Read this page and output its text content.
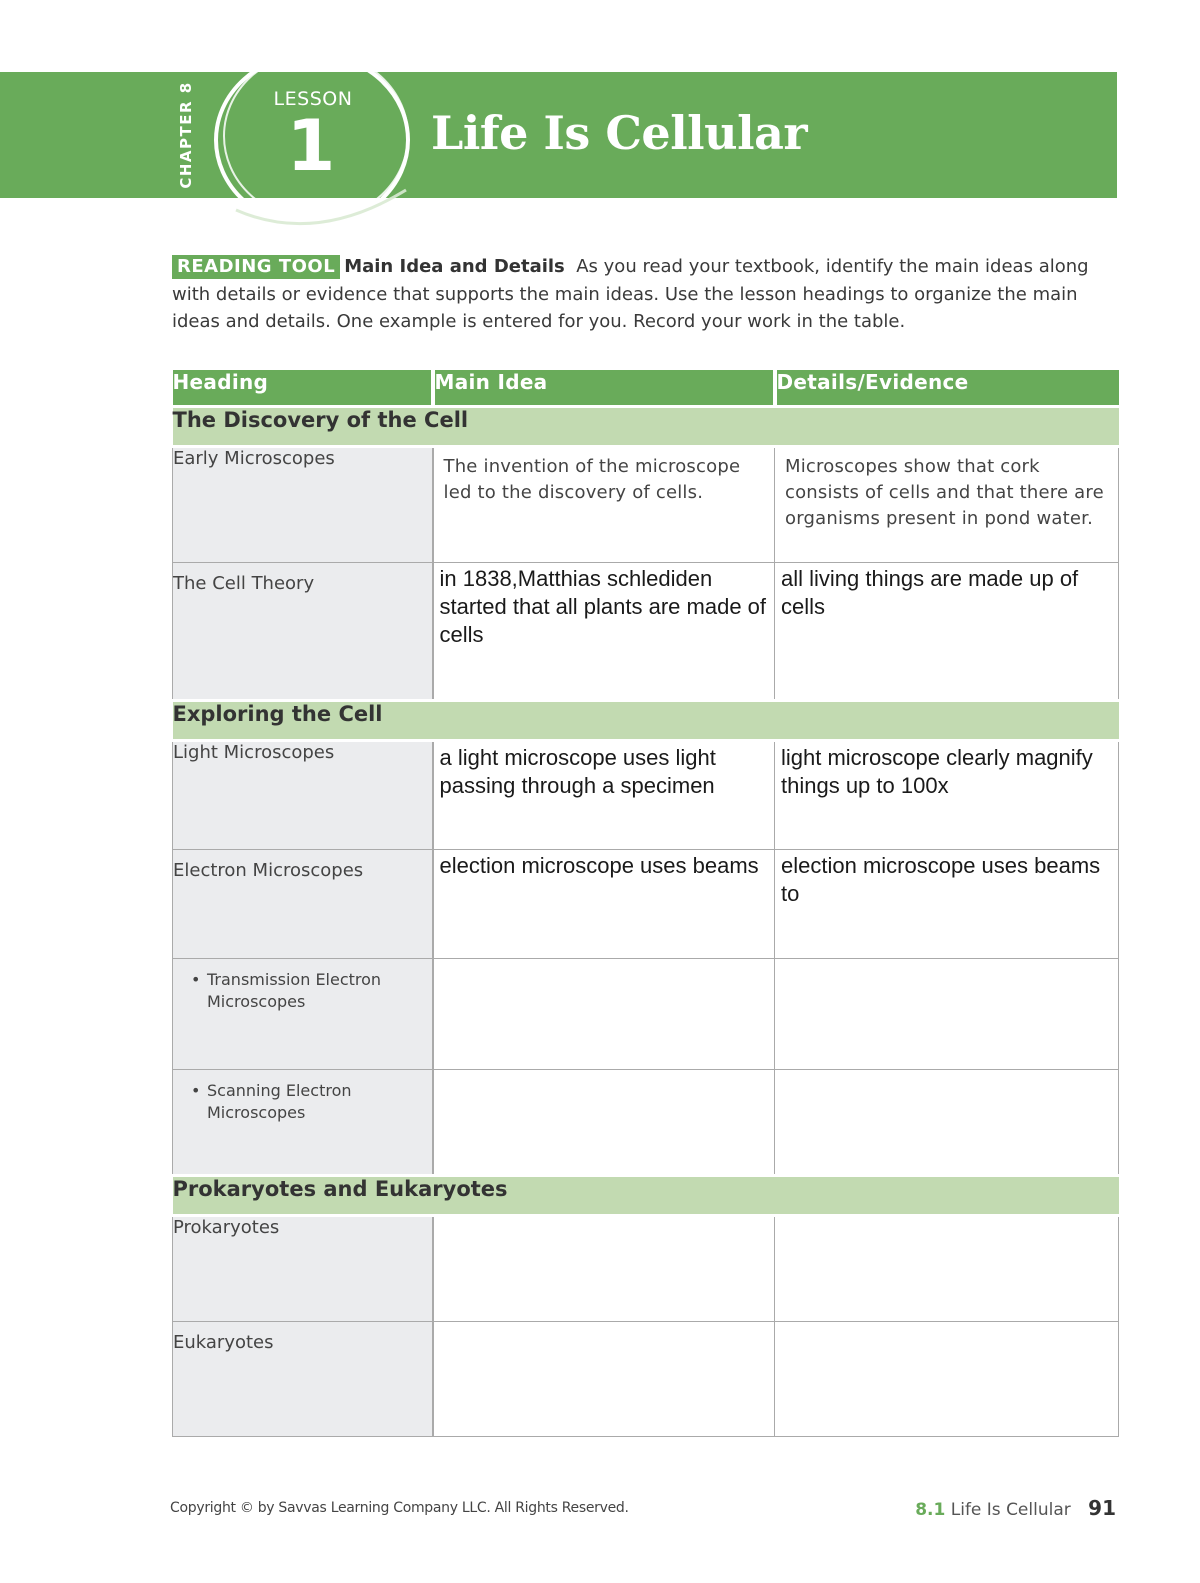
CHAPTER 8	LESSON
1	Life Is Cellular
READING TOOL Main Idea and Details As you read your textbook, identify the main ideas along with details or evidence that supports the main ideas. Use the lesson headings to organize the main ideas and details. One example is entered for you. Record your work in the table.
Heading	Main Idea	Details/Evidence
The Discovery of the Cell		
Early Microscopes	The invention of the microscope led to the discovery of cells.	Microscopes show that cork consists of cells and that there are organisms present in pond water.

The Cell Theory	in 1838,Matthias schlediden started that all plants are made of cells	all living things are made up of cells

Exploring the Cell		
Light Microscopes	a light microscope uses light passing through a specimen	light microscope clearly magnify things up to 100x

Electron Microscopes	election microscope uses beams	election microscope uses beams to

• Transmission Electron Microscopes		

• Scanning Electron Microscopes		

Prokaryotes and Eukaryotes		
Prokaryotes	

Eukaryotes	

Copyright © by Savvas Learning Company LLC. All Rights Reserved.	8.1 Life Is Cellular 91
